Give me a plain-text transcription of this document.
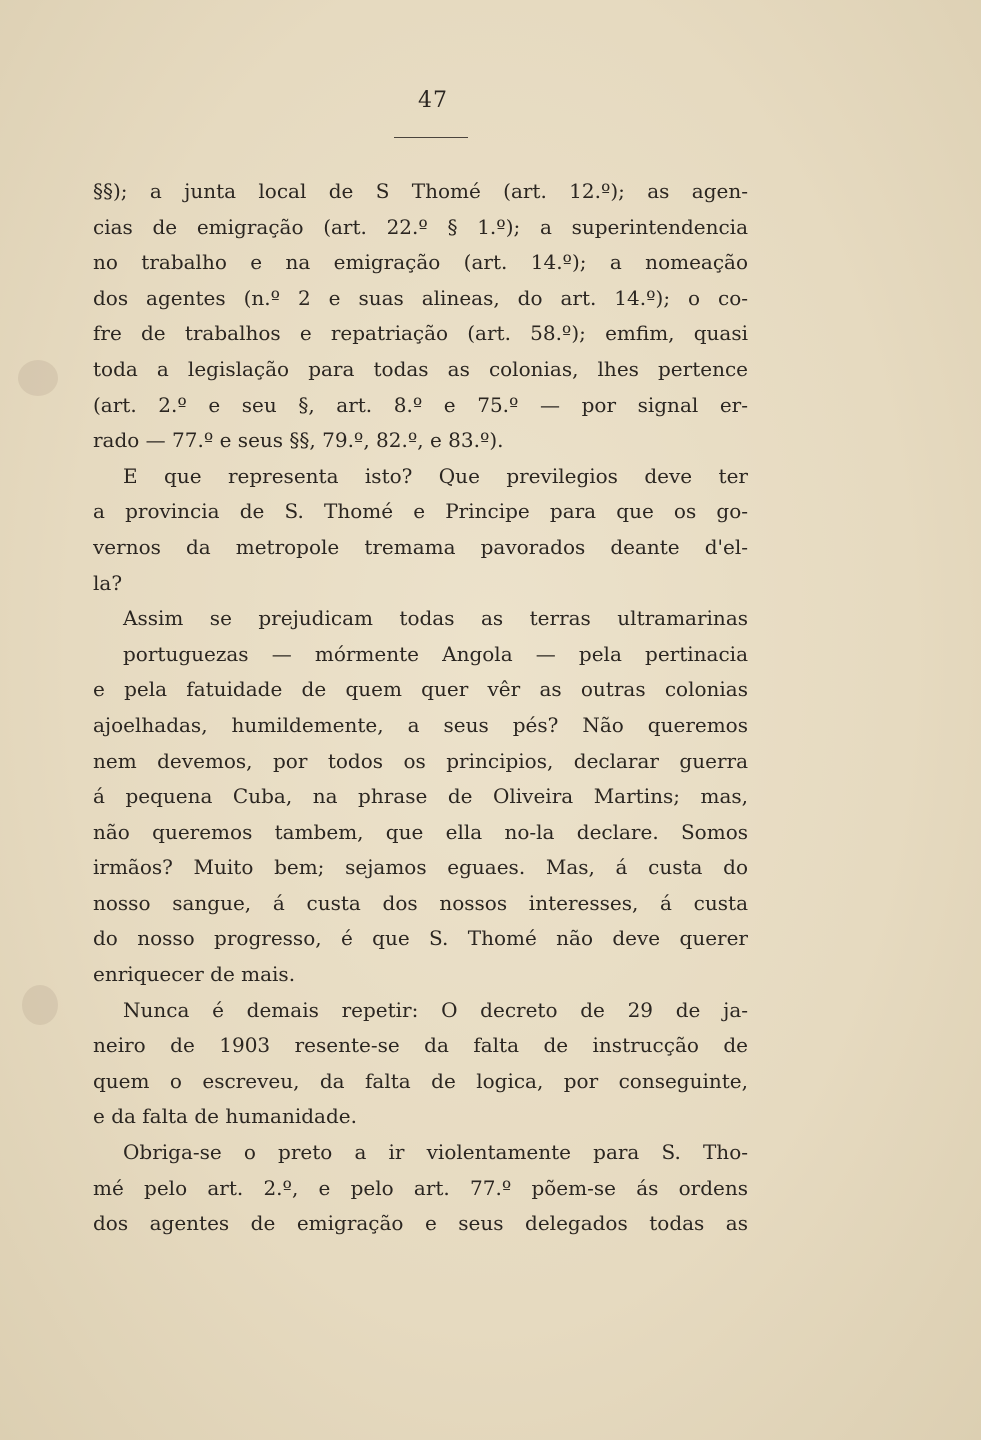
47
§§); a junta local de S Thomé (art. 12.º); as agen-
cias de emigração (art. 22.º § 1.º); a superintendencia
no trabalho e na emigração (art. 14.º); a nomeação
dos agentes (n.º 2 e suas alineas, do art. 14.º); o co-
fre de trabalhos e repatriação (art. 58.º); emfim, quasi
toda a legislação para todas as colonias, lhes pertence
(art. 2.º e seu §, art. 8.º e 75.º — por signal er-
rado — 77.º e seus §§, 79.º, 82.º, e 83.º).
E que representa isto? Que previlegios deve ter
a provincia de S. Thomé e Principe para que os go-
vernos da metropole tremama pavorados deante d'el-
la?
Assim se prejudicam todas as terras ultramarinas
portuguezas — mórmente Angola — pela pertinacia
e pela fatuidade de quem quer vêr as outras colonias
ajoelhadas, humildemente, a seus pés? Não queremos
nem devemos, por todos os principios, declarar guerra
á pequena Cuba, na phrase de Oliveira Martins; mas,
não queremos tambem, que ella no-la declare. Somos
irmãos? Muito bem; sejamos eguaes. Mas, á custa do
nosso sangue, á custa dos nossos interesses, á custa
do nosso progresso, é que S. Thomé não deve querer
enriquecer de mais.
Nunca é demais repetir: O decreto de 29 de ja-
neiro de 1903 resente-se da falta de instrucção de
quem o escreveu, da falta de logica, por conseguinte,
e da falta de humanidade.
Obriga-se o preto a ir violentamente para S. Tho-
mé pelo art. 2.º, e pelo art. 77.º põem-se ás ordens
dos agentes de emigração e seus delegados todas as
